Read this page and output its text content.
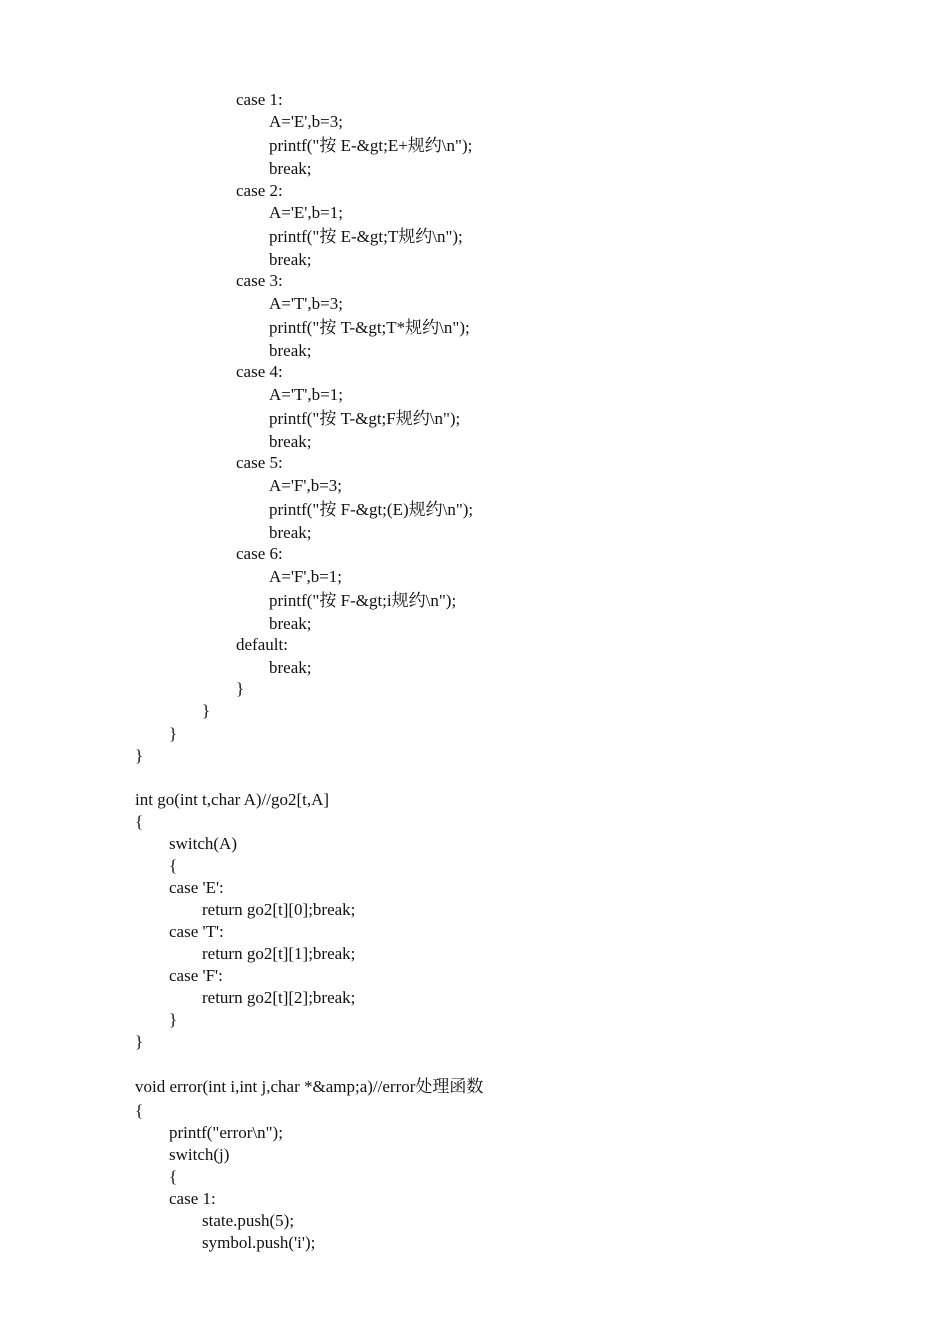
case 1:
A='E',b=3;
printf("按 E-&gt;E+规约\n");
break;
case 2:
A='E',b=1;
printf("按 E-&gt;T规约\n");
break;
case 3:
A='T',b=3;
printf("按 T-&gt;T*规约\n");
break;
case 4:
A='T',b=1;
printf("按 T-&gt;F规约\n");
break;
case 5:
A='F',b=3;
printf("按 F-&gt;(E)规约\n");
break;
case 6:
A='F',b=1;
printf("按 F-&gt;i规约\n");
break;
default:
break;
}
}
}
}
int go(int t,char A)//go2[t,A]
{
switch(A)
{
case 'E':
return go2[t][0];break;
case 'T':
return go2[t][1];break;
case 'F':
return go2[t][2];break;
}
}
void error(int i,int j,char *&amp;a)//error处理函数
{
printf("error\n");
switch(j)
{
case 1:
state.push(5);
symbol.push('i');
